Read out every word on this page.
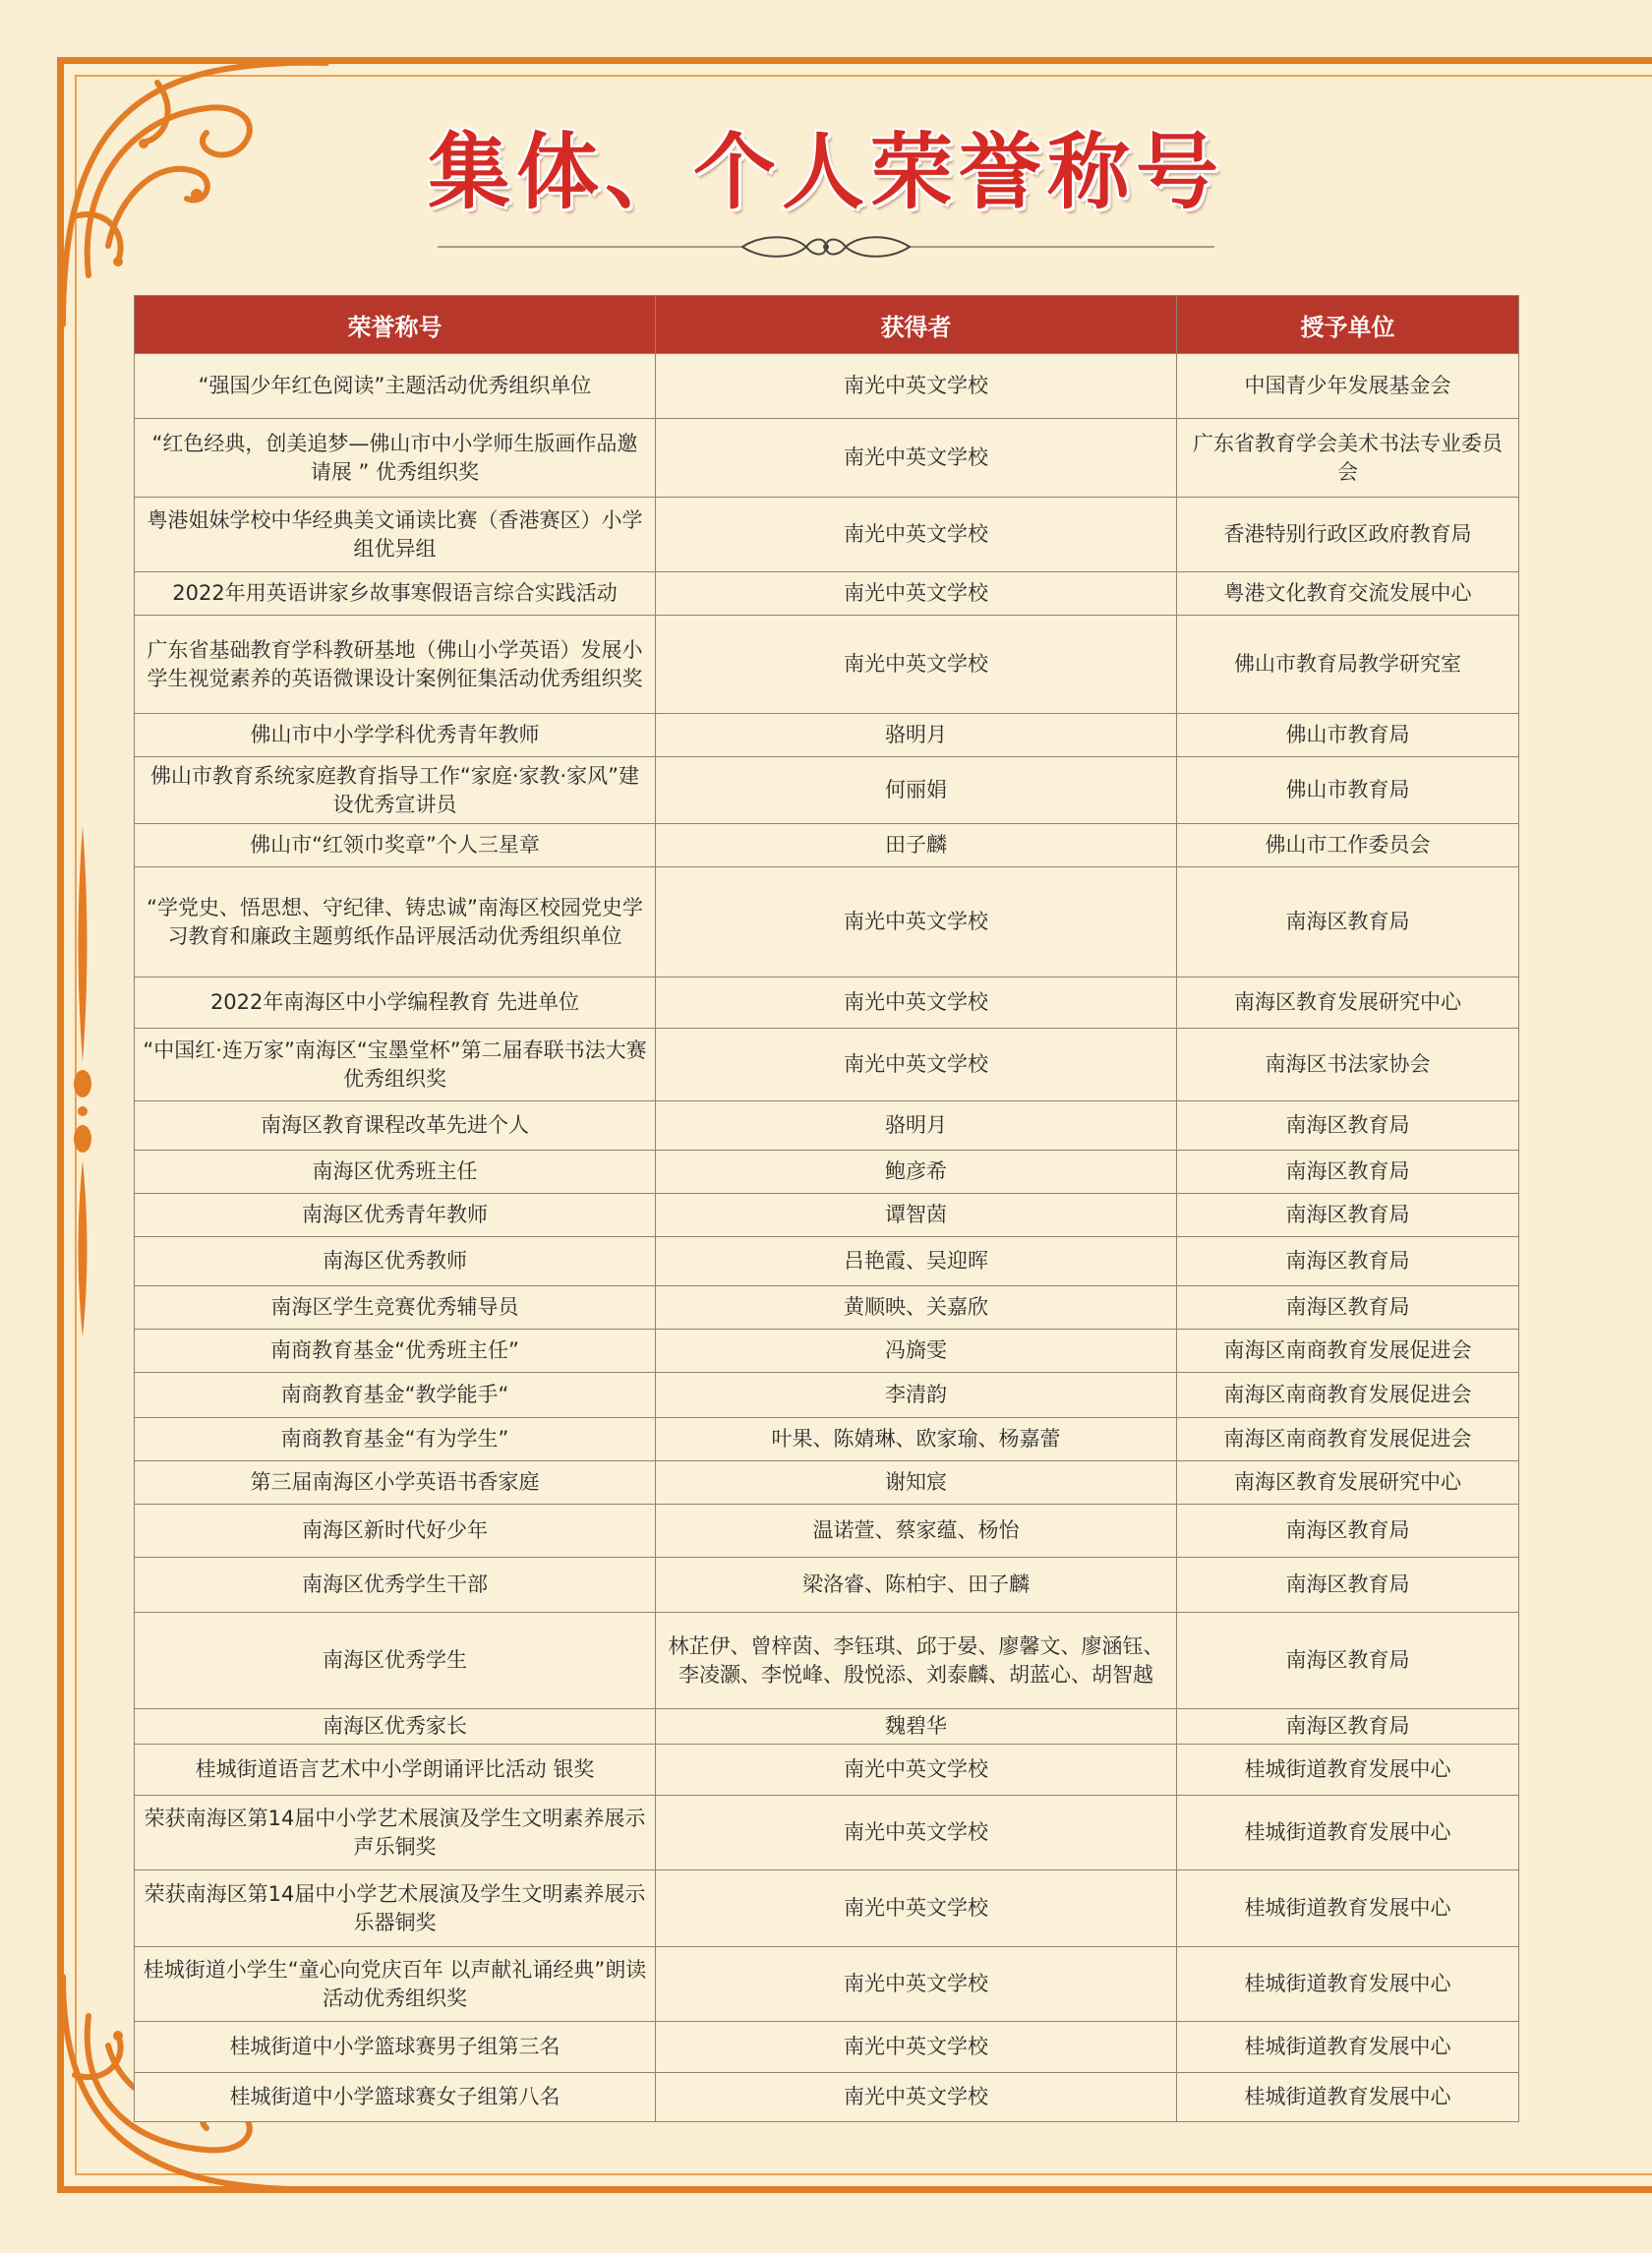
集体、个人荣誉称号
荣誉称号	获得者	授予单位
“强国少年红色阅读”主题活动优秀组织单位	南光中英文学校	中国青少年发展基金会
“红色经典，创美追梦—佛山市中小学师生版画作品邀请展 ” 优秀组织奖	南光中英文学校	广东省教育学会美术书法专业委员会
粤港姐妹学校中华经典美文诵读比赛（香港赛区）小学组优异组	南光中英文学校	香港特别行政区政府教育局
2022年用英语讲家乡故事寒假语言综合实践活动	南光中英文学校	粤港文化教育交流发展中心
广东省基础教育学科教研基地（佛山小学英语）发展小学生视觉素养的英语微课设计案例征集活动优秀组织奖	南光中英文学校	佛山市教育局教学研究室
佛山市中小学学科优秀青年教师	骆明月	佛山市教育局
佛山市教育系统家庭教育指导工作“家庭·家教·家风”建设优秀宣讲员	何丽娟	佛山市教育局
佛山市“红领巾奖章”个人三星章	田子麟	佛山市工作委员会
“学党史、悟思想、守纪律、铸忠诚”南海区校园党史学习教育和廉政主题剪纸作品评展活动优秀组织单位	南光中英文学校	南海区教育局
2022年南海区中小学编程教育 先进单位	南光中英文学校	南海区教育发展研究中心
“中国红·连万家”南海区“宝墨堂杯”第二届春联书法大赛 优秀组织奖	南光中英文学校	南海区书法家协会
南海区教育课程改革先进个人	骆明月	南海区教育局
南海区优秀班主任	鲍彦希	南海区教育局
南海区优秀青年教师	谭智茵	南海区教育局
南海区优秀教师	吕艳霞、吴迎晖	南海区教育局
南海区学生竞赛优秀辅导员	黄顺映、关嘉欣	南海区教育局
南商教育基金“优秀班主任”	冯旖雯	南海区南商教育发展促进会
南商教育基金“教学能手“	李清韵	南海区南商教育发展促进会
南商教育基金“有为学生”	叶果、陈婧琳、欧家瑜、杨嘉蕾	南海区南商教育发展促进会
第三届南海区小学英语书香家庭	谢知宸	南海区教育发展研究中心
南海区新时代好少年	温诺萱、蔡家蕴、杨怡	南海区教育局
南海区优秀学生干部	梁洛睿、陈柏宇、田子麟	南海区教育局
南海区优秀学生	林芷伊、曾梓茵、李钰琪、邱于晏、廖馨文、廖涵钰、李凌灏、李悦峰、殷悦添、刘泰麟、胡蓝心、胡智越	南海区教育局
南海区优秀家长	魏碧华	南海区教育局
桂城街道语言艺术中小学朗诵评比活动 银奖	南光中英文学校	桂城街道教育发展中心
荣获南海区第14届中小学艺术展演及学生文明素养展示声乐铜奖	南光中英文学校	桂城街道教育发展中心
荣获南海区第14届中小学艺术展演及学生文明素养展示乐器铜奖	南光中英文学校	桂城街道教育发展中心
桂城街道小学生“童心向党庆百年 以声献礼诵经典”朗读活动优秀组织奖	南光中英文学校	桂城街道教育发展中心
桂城街道中小学篮球赛男子组第三名	南光中英文学校	桂城街道教育发展中心
桂城街道中小学篮球赛女子组第八名	南光中英文学校	桂城街道教育发展中心
